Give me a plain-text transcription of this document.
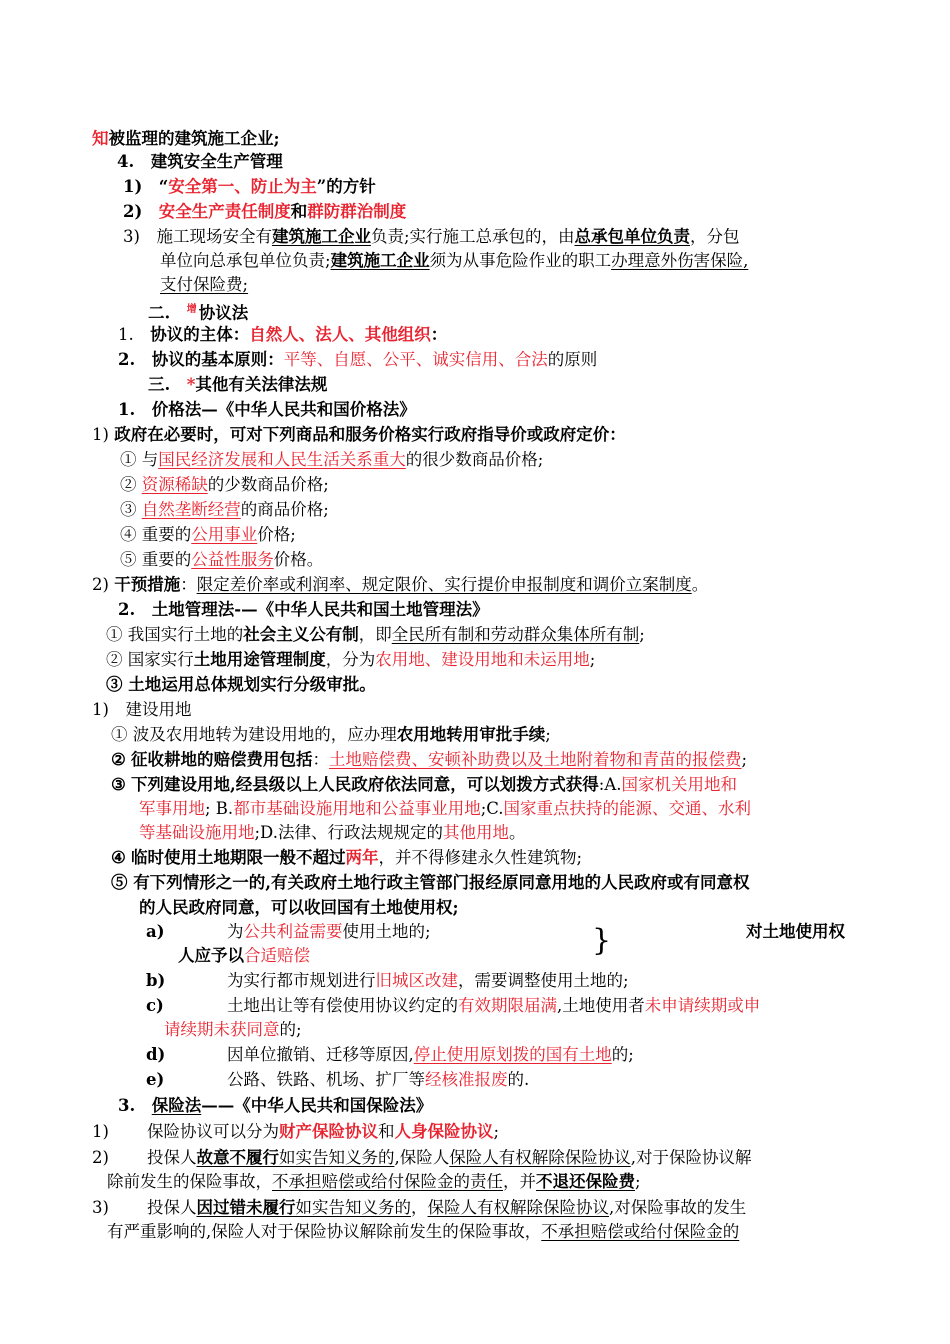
知被监理的建筑施工企业;
4.　建筑安全生产管理
1)　 “安全第一、防止为主”的方针
2)　 安全生产责任制度和群防群治制度
3)　 施工现场安全有建筑施工企业负责;实行施工总承包的，由总承包单位负责，分包
单位向总承包单位负责;建筑施工企业须为从事危险作业的职工办理意外伤害保险,
支付保险费;
二.　 $^增$ 协议法
1.　 协议的主体：自然人、法人、其他组织：
2.　 协议的基本原则：平等、自愿、公平、诚实信用、合法的原则
三.　 *其他有关法律法规
1.　 价格法—《中华人民共和国价格法》
1) 政府在必要时，可对下列商品和服务价格实行政府指导价或政府定价：
① 与国民经济发展和人民生活关系重大的很少数商品价格;
② 资源稀缺的少数商品价格;
③ 自然垄断经营的商品价格;
④ 重要的公用事业价格;
⑤ 重要的公益性服务价格。
2) 干预措施：限定差价率或利润率、规定限价、实行提价申报制度和调价立案制度。
2.　 土地管理法-—《中华人民共和国土地管理法》
① 我国实行土地的社会主义公有制，即全民所有制和劳动群众集体所有制;
② 国家实行土地用途管理制度，分为农用地、建设用地和未运用地;
③ 土地运用总体规划实行分级审批。
1)　 建设用地
① 波及农用地转为建设用地的，应办理农用地转用审批手续;
② 征收耕地的赔偿费用包括：土地赔偿费、安顿补助费以及土地附着物和青苗的报偿费;
③ 下列建设用地,经县级以上人民政府依法同意，可以划拨方式获得:A.国家机关用地和
军事用地; B.都市基础设施用地和公益事业用地;C.国家重点扶持的能源、交通、水利
等基础设施用地;D.法律、行政法规规定的其他用地。
④ 临时使用土地期限一般不超过两年，并不得修建永久性建筑物;
⑤ 有下列情形之一的,有关政府土地行政主管部门报经原同意用地的人民政府或有同意权
的人民政府同意，可以收回国有土地使用权;
a)	为公共利益需要使用土地的;	}	对土地使用权
人应予以合适赔偿
b)	为实行都市规划进行旧城区改建，需要调整使用土地的;
c)	土地出让等有偿使用协议约定的有效期限届满,土地使用者未申请续期或申
请续期未获同意的;
d)	因单位撤销、迁移等原因,停止使用原划拨的国有土地的;
e)	公路、铁路、机场、扩厂等经核准报废的.
3.　 保险法——《中华人民共和国保险法》
1) 保险协议可以分为财产保险协议和人身保险协议;
2) 投保人故意不履行如实告知义务的,保险人保险人有权解除保险协议,对于保险协议解
除前发生的保险事故，不承担赔偿或给付保险金的责任，并不退还保险费;
3) 投保人因过错未履行如实告知义务的，保险人有权解除保险协议,对保险事故的发生
有严重影响的,保险人对于保险协议解除前发生的保险事故，不承担赔偿或给付保险金的
